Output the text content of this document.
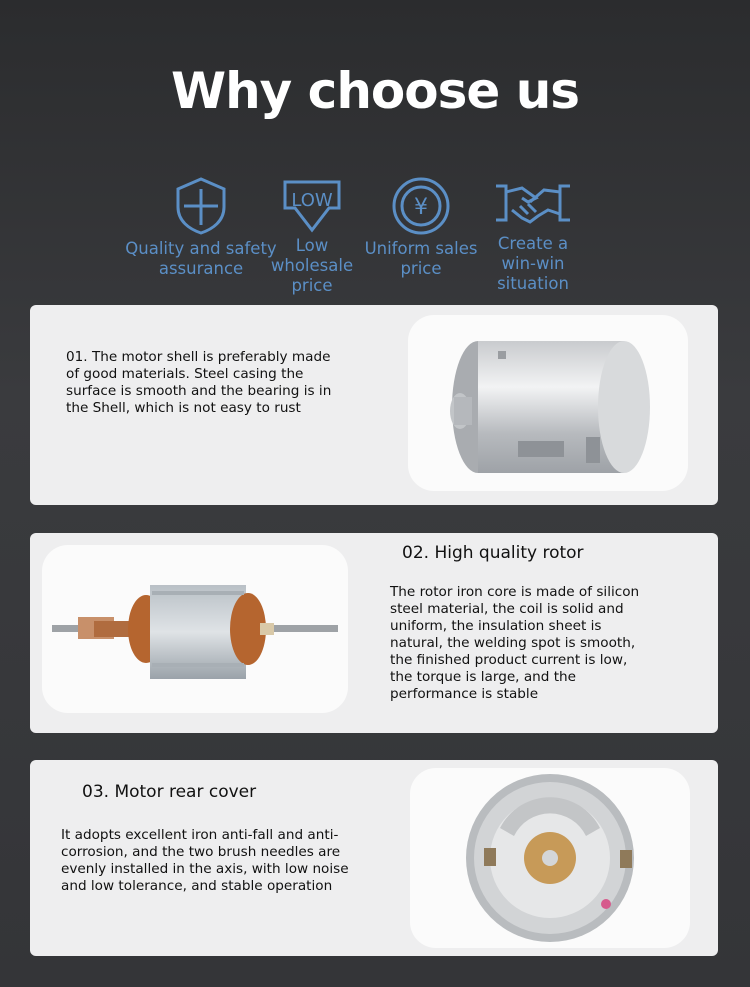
Why choose us
Quality and safety
assurance
LOW
Low
wholesale
price
¥
Uniform sales
price
Create a
win-win
situation
01. The motor shell is preferably made of good materials. Steel casing the surface is smooth and the bearing is in the Shell, which is not easy to rust
02. High quality rotor
The rotor iron core is made of silicon steel material, the coil is solid and uniform, the insulation sheet is natural, the welding spot is smooth, the finished product current is low, the torque is large, and the performance is stable
03. Motor rear cover
It adopts excellent iron anti-fall and anti-corrosion, and the two brush needles are evenly installed in the axis, with low noise and low tolerance, and stable operation
